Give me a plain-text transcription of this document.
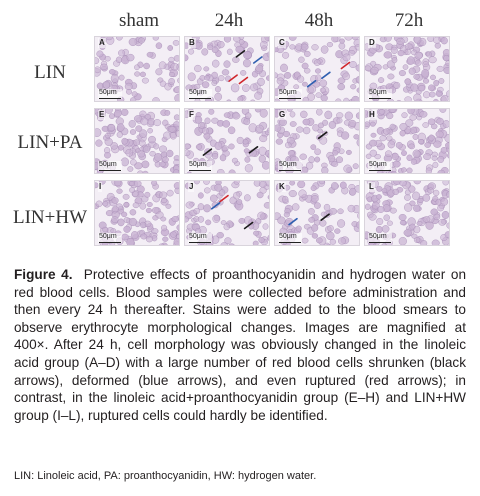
sham	24h	48h	72h
LIN
LIN+PA
LIN+HW
A
50μm
B
50μm
C
50μm
D
50μm
E
50μm
F
50μm
G
50μm
H
50μm
I
50μm
J
50μm
K
50μm
L
50μm
Figure 4. Protective effects of proanthocyanidin and hydrogen water on red blood cells. Blood samples were collected before administration and then every 24 h thereafter. Stains were added to the blood smears to observe erythrocyte morphological changes. Images are magnified at 400×. After 24 h, cell morphology was obviously changed in the linoleic acid group (A–D) with a large number of red blood cells shrunken (black arrows), deformed (blue arrows), and even ruptured (red arrows); in contrast, in the linoleic acid+proanthocyanidin group (E–H) and LIN+HW group (I–L), ruptured cells could hardly be identified.
LIN: Linoleic acid, PA: proanthocyanidin, HW: hydrogen water.
